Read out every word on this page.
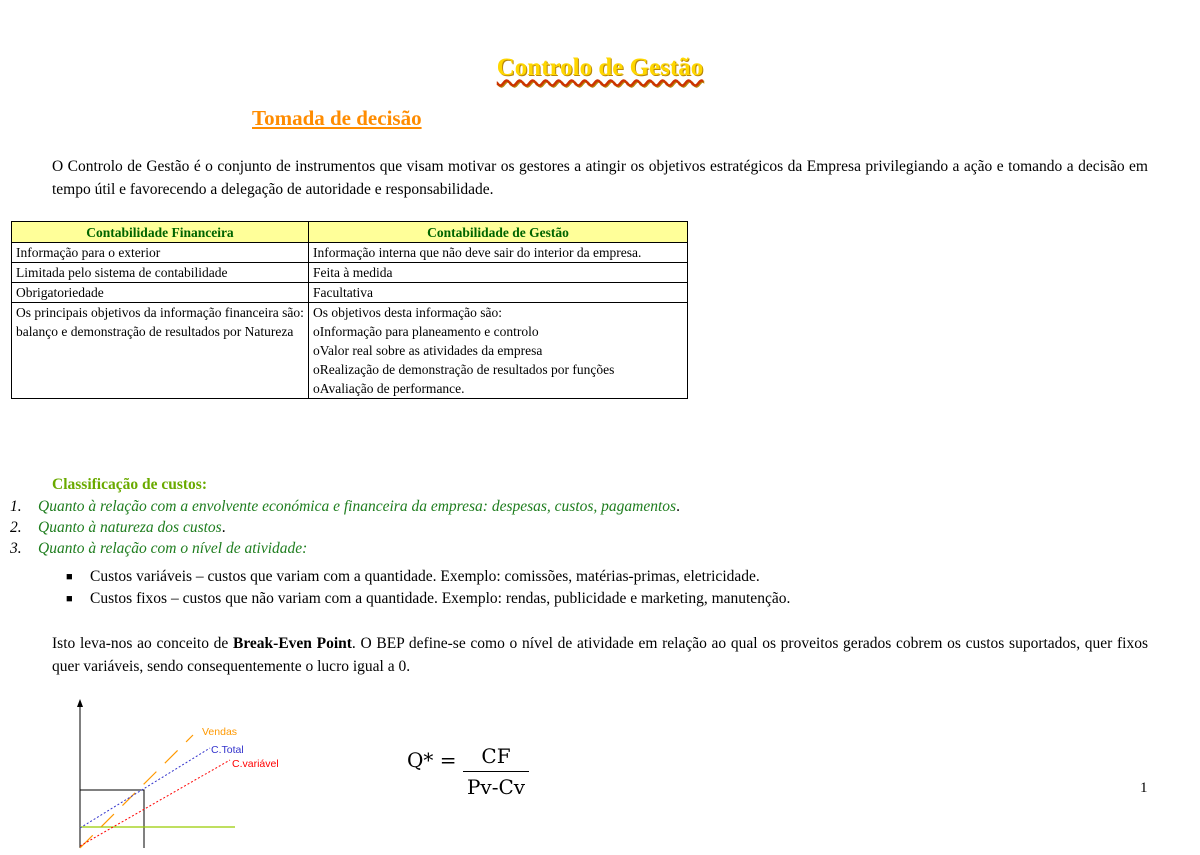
Controlo de Gestão
Tomada de decisão
O Controlo de Gestão é o conjunto de instrumentos que visam motivar os gestores a atingir os objetivos estratégicos da Empresa privilegiando a ação e tomando a decisão em tempo útil e favorecendo a delegação de autoridade e responsabilidade.
Contabilidade Financeira	Contabilidade de Gestão
Informação para o exterior	Informação interna que não deve sair do interior da empresa.
Limitada pelo sistema de contabilidade	Feita à medida
Obrigatoriedade	Facultativa
Os principais objetivos da informação financeira são: balanço e demonstração de resultados por Natureza	Os objetivos desta informação são:
oInformação para planeamento e controlo
oValor real sobre as atividades da empresa
oRealização de demonstração de resultados por funções
oAvaliação de performance.
Classificação de custos:
1. Quanto à relação com a envolvente económica e financeira da empresa: despesas, custos, pagamentos.
2. Quanto à natureza dos custos.
3. Quanto à relação com o nível de atividade:
■ Custos variáveis – custos que variam com a quantidade. Exemplo: comissões, matérias-primas, eletricidade.
■ Custos fixos – custos que não variam com a quantidade. Exemplo: rendas, publicidade e marketing, manutenção.
Isto leva-nos ao conceito de Break-Even Point. O BEP define-se como o nível de atividade em relação ao qual os proveitos gerados cobrem os custos suportados, quer fixos quer variáveis, sendo consequentemente o lucro igual a 0.
Vendas
C.Total
C.variável	$Q* = \frac{CF}{Pv-Cv}$	1
